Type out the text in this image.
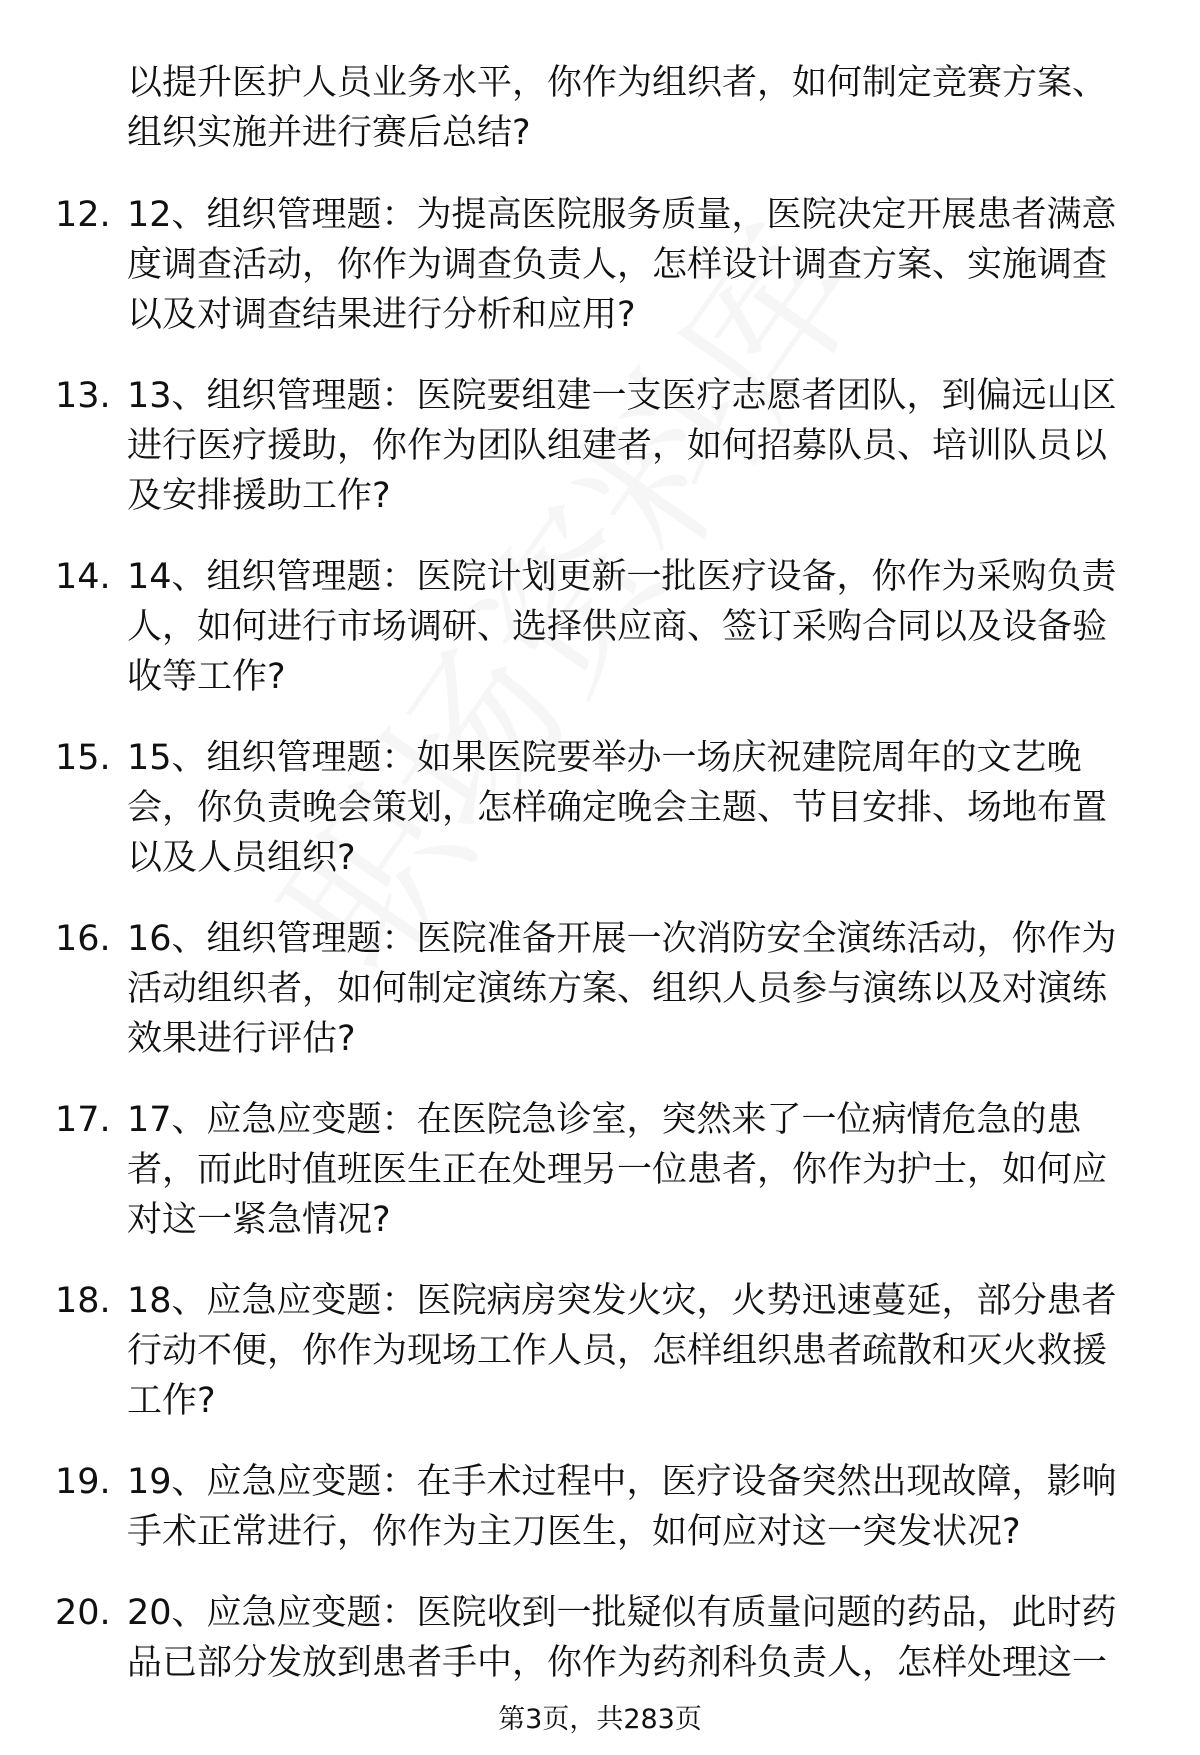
以提升医护人员业务水平，你作为组织者，如何制定竞赛方案、
组织实施并进行赛后总结?
12. 12、组织管理题：为提高医院服务质量，医院决定开展患者满意
度调查活动，你作为调查负责人，怎样设计调查方案、实施调查
以及对调查结果进行分析和应用?
13. 13、组织管理题：医院要组建一支医疗志愿者团队，到偏远山区
进行医疗援助，你作为团队组建者，如何招募队员、培训队员以
及安排援助工作?
14. 14、组织管理题：医院计划更新一批医疗设备，你作为采购负责
人，如何进行市场调研、选择供应商、签订采购合同以及设备验
收等工作?
15. 15、组织管理题：如果医院要举办一场庆祝建院周年的文艺晚
会，你负责晚会策划，怎样确定晚会主题、节目安排、场地布置
以及人员组织?
16. 16、组织管理题：医院准备开展一次消防安全演练活动，你作为
活动组织者，如何制定演练方案、组织人员参与演练以及对演练
效果进行评估?
17. 17、应急应变题：在医院急诊室，突然来了一位病情危急的患
者，而此时值班医生正在处理另一位患者，你作为护士，如何应
对这一紧急情况?
18. 18、应急应变题：医院病房突发火灾，火势迅速蔓延，部分患者
行动不便，你作为现场工作人员，怎样组织患者疏散和灭火救援
工作?
19. 19、应急应变题：在手术过程中，医疗设备突然出现故障，影响
手术正常进行，你作为主刀医生，如何应对这一突发状况?
20. 20、应急应变题：医院收到一批疑似有质量问题的药品，此时药
品已部分发放到患者手中，你作为药剂科负责人，怎样处理这一
第3页，共283页
